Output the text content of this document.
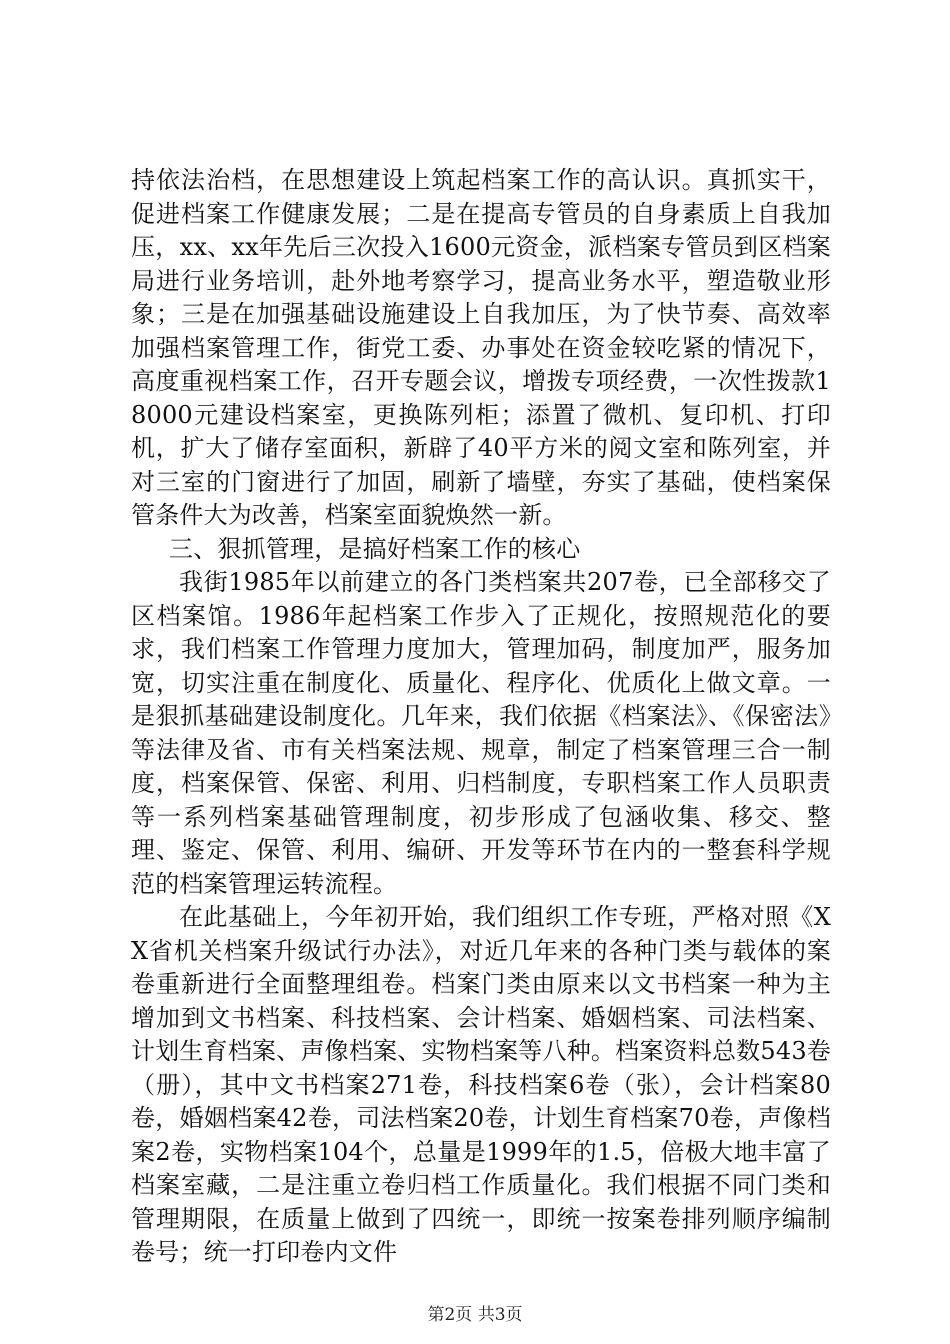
持依法治档，在思想建设上筑起档案工作的高认识。真抓实干，促进档案工作健康发展；二是在提高专管员的自身素质上自我加压，xx、xx年先后三次投入1600元资金，派档案专管员到区档案局进行业务培训，赴外地考察学习，提高业务水平，塑造敬业形象；三是在加强基础设施建设上自我加压，为了快节奏、高效率加强档案管理工作，街党工委、办事处在资金较吃紧的情况下，高度重视档案工作，召开专题会议，增拨专项经费，一次性拨款18000元建设档案室，更换陈列柜；添置了微机、复印机、打印机，扩大了储存室面积，新辟了40平方米的阅文室和陈列室，并对三室的门窗进行了加固，刷新了墙壁，夯实了基础，使档案保管条件大为改善，档案室面貌焕然一新。

三、狠抓管理，是搞好档案工作的核心

我街1985年以前建立的各门类档案共207卷，已全部移交了区档案馆。1986年起档案工作步入了正规化，按照规范化的要求，我们档案工作管理力度加大，管理加码，制度加严，服务加宽，切实注重在制度化、质量化、程序化、优质化上做文章。一是狠抓基础建设制度化。几年来，我们依据《档案法》、《保密法》等法律及省、市有关档案法规、规章，制定了档案管理三合一制度，档案保管、保密、利用、归档制度，专职档案工作人员职责等一系列档案基础管理制度，初步形成了包涵收集、移交、整理、鉴定、保管、利用、编研、开发等环节在内的一整套科学规范的档案管理运转流程。

在此基础上，今年初开始，我们组织工作专班，严格对照《XX省机关档案升级试行办法》，对近几年来的各种门类与载体的案卷重新进行全面整理组卷。档案门类由原来以文书档案一种为主增加到文书档案、科技档案、会计档案、婚姻档案、司法档案、计划生育档案、声像档案、实物档案等八种。档案资料总数543卷（册），其中文书档案271卷，科技档案6卷（张），会计档案80卷，婚姻档案42卷，司法档案20卷，计划生育档案70卷，声像档案2卷，实物档案104个，总量是1999年的1.5，倍极大地丰富了档案室藏，二是注重立卷归档工作质量化。我们根据不同门类和管理期限，在质量上做到了四统一，即统一按案卷排列顺序编制卷号；统一打印卷内文件

第2页 共3页
